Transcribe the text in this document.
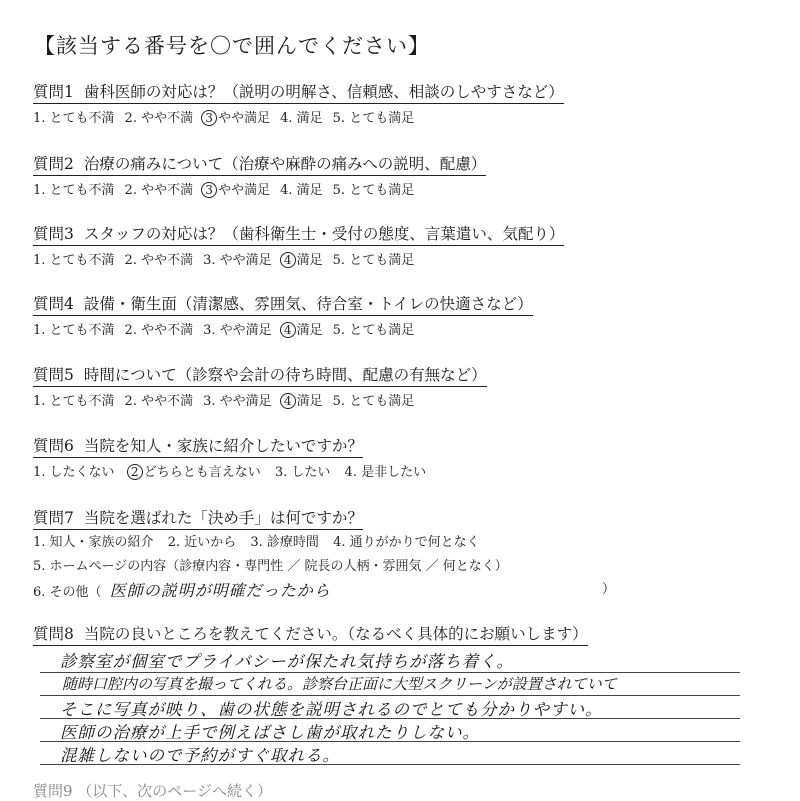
【該当する番号を〇で囲んでください】
質問1 歯科医師の対応は？（説明の明解さ、信頼感、相談のしやすさなど）
1. とても不満 2. やや不満 3 やや満足 4. 満足 5. とても満足
質問2 治療の痛みについて（治療や麻酔の痛みへの説明、配慮）
1. とても不満 2. やや不満 3 やや満足 4. 満足 5. とても満足
質問3 スタッフの対応は？（歯科衛生士・受付の態度、言葉遣い、気配り）
1. とても不満 2. やや不満 3. やや満足 4 満足 5. とても満足
質問4 設備・衛生面（清潔感、雰囲気、待合室・トイレの快適さなど）
1. とても不満 2. やや不満 3. やや満足 4 満足 5. とても満足
質問5 時間について（診察や会計の待ち時間、配慮の有無など）
1. とても不満 2. やや不満 3. やや満足 4 満足 5. とても満足
質問6 当院を知人・家族に紹介したいですか？
1. したくない 2 どちらとも言えない 3. したい 4. 是非したい
質問7 当院を選ばれた「決め手」は何ですか？
1. 知人・家族の紹介 2. 近いから 3. 診療時間 4. 通りがかりで何となく
5. ホームページの内容（診療内容・専門性 ／ 院長の人柄・雰囲気 ／ 何となく）
6. その他（ 医師の説明が明確だったから	）
質問8 当院の良いところを教えてください。（なるべく具体的にお願いします）
診察室が個室でプライバシーが保たれ気持ちが落ち着く。
随時口腔内の写真を撮ってくれる。診察台正面に大型スクリーンが設置されていて
そこに写真が映り、歯の状態を説明されるのでとても分かりやすい。
医師の治療が上手で例えばさし歯が取れたりしない。
混雑しないので予約がすぐ取れる。
質問9 （以下、次のページへ続く）
